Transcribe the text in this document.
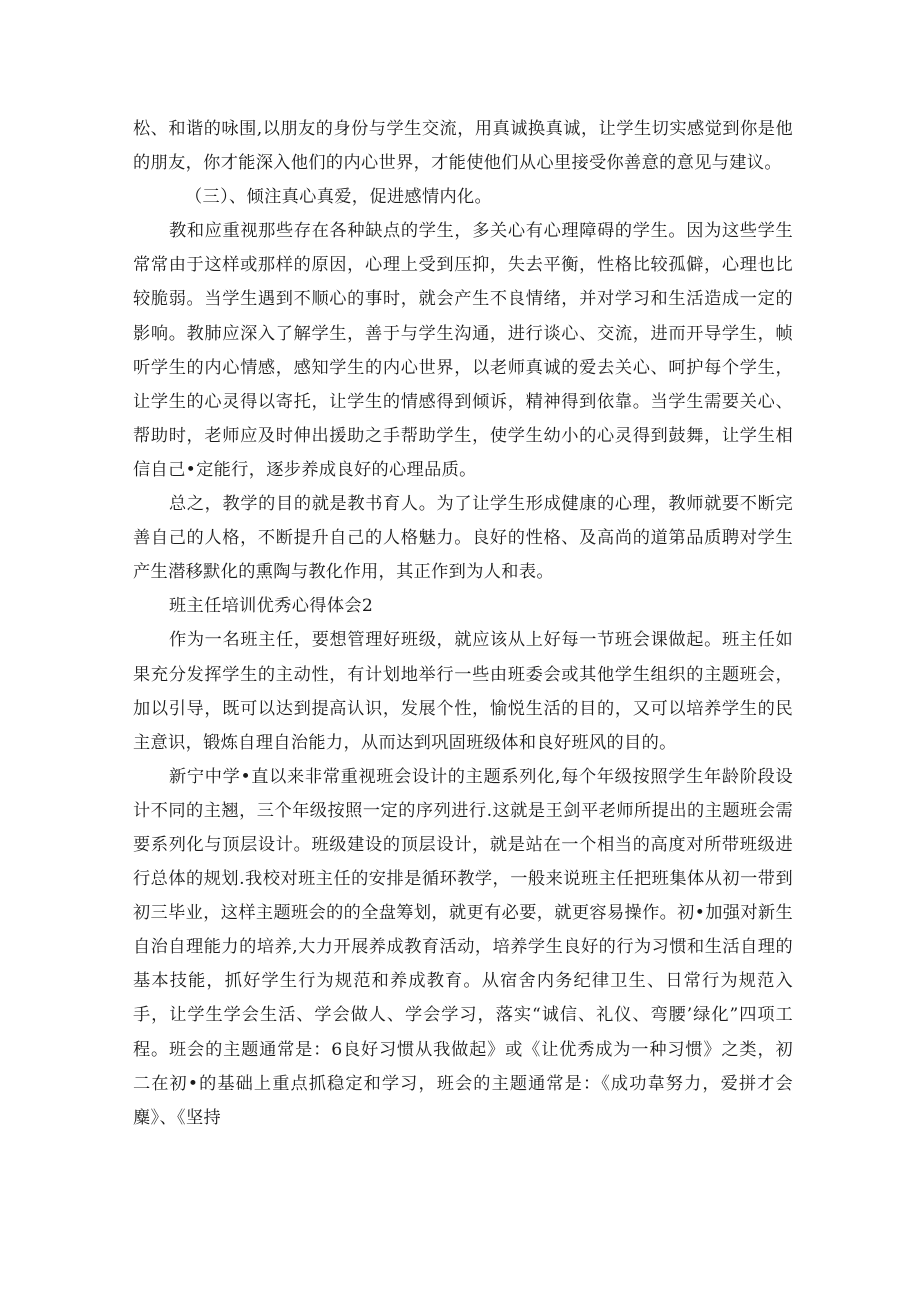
松、和谐的咏围,以朋友的身份与学生交流，用真诚换真诚，让学生切实感觉到你是他的朋友，你才能深入他们的内心世界，才能使他们从心里接受你善意的意见与建议。

（三）、倾注真心真爱，促进感情内化。

教和应重视那些存在各种缺点的学生，多关心有心理障碍的学生。因为这些学生常常由于这样或那样的原因，心理上受到压抑，失去平衡，性格比较孤僻，心理也比较脆弱。当学生遇到不顺心的事时，就会产生不良情绪，并对学习和生活造成一定的影响。教肺应深入了解学生，善于与学生沟通，进行谈心、交流，进而开导学生，帧听学生的内心情感，感知学生的内心世界，以老师真诚的爱去关心、呵护每个学生，让学生的心灵得以寄托，让学生的情感得到倾诉，精神得到依靠。当学生需要关心、帮助时，老师应及时伸出援助之手帮助学生，使学生幼小的心灵得到鼓舞，让学生相信自己•定能行，逐步养成良好的心理品质。

总之，教学的目的就是教书育人。为了让学生形成健康的心理，教师就要不断完善自己的人格，不断提升自己的人格魅力。良好的性格、及高尚的道第品质聘对学生产生潜移默化的熏陶与教化作用，其正作到为人和表。

班主任培训优秀心得体会2

作为一名班主任，要想管理好班级，就应该从上好每一节班会课做起。班主任如果充分发挥学生的主动性，有计划地举行一些由班委会或其他学生组织的主题班会，加以引导，既可以达到提高认识，发展个性，愉悦生活的目的，又可以培养学生的民主意识，锻炼自理自治能力，从而达到巩固班级体和良好班风的目的。

新宁中学•直以来非常重视班会设计的主题系列化,每个年级按照学生年龄阶段设计不同的主翘，三个年级按照一定的序列进行.这就是王剑平老师所提出的主题班会需要系列化与顶层设计。班级建设的顶层设计，就是站在一个相当的高度对所带班级进行总体的规划.我校对班主任的安排是循环教学，一般来说班主任把班集体从初一带到初三毕业，这样主题班会的的全盘筹划，就更有必要，就更容易操作。初•加强对新生自治自理能力的培养,大力开展养成教育活动，培养学生良好的行为习惯和生活自理的基本技能，抓好学生行为规范和养成教育。从宿舍内务纪律卫生、日常行为规范入手，让学生学会生活、学会做人、学会学习，落实“诚信、礼仪、弯腰’绿化”四项工程。班会的主题通常是：6良好习惯从我做起》或《让优秀成为一种习惯》之类，初二在初•的基础上重点抓稳定和学习，班会的主题通常是：《成功韋努力，爱拼才会麋》、《坚持
